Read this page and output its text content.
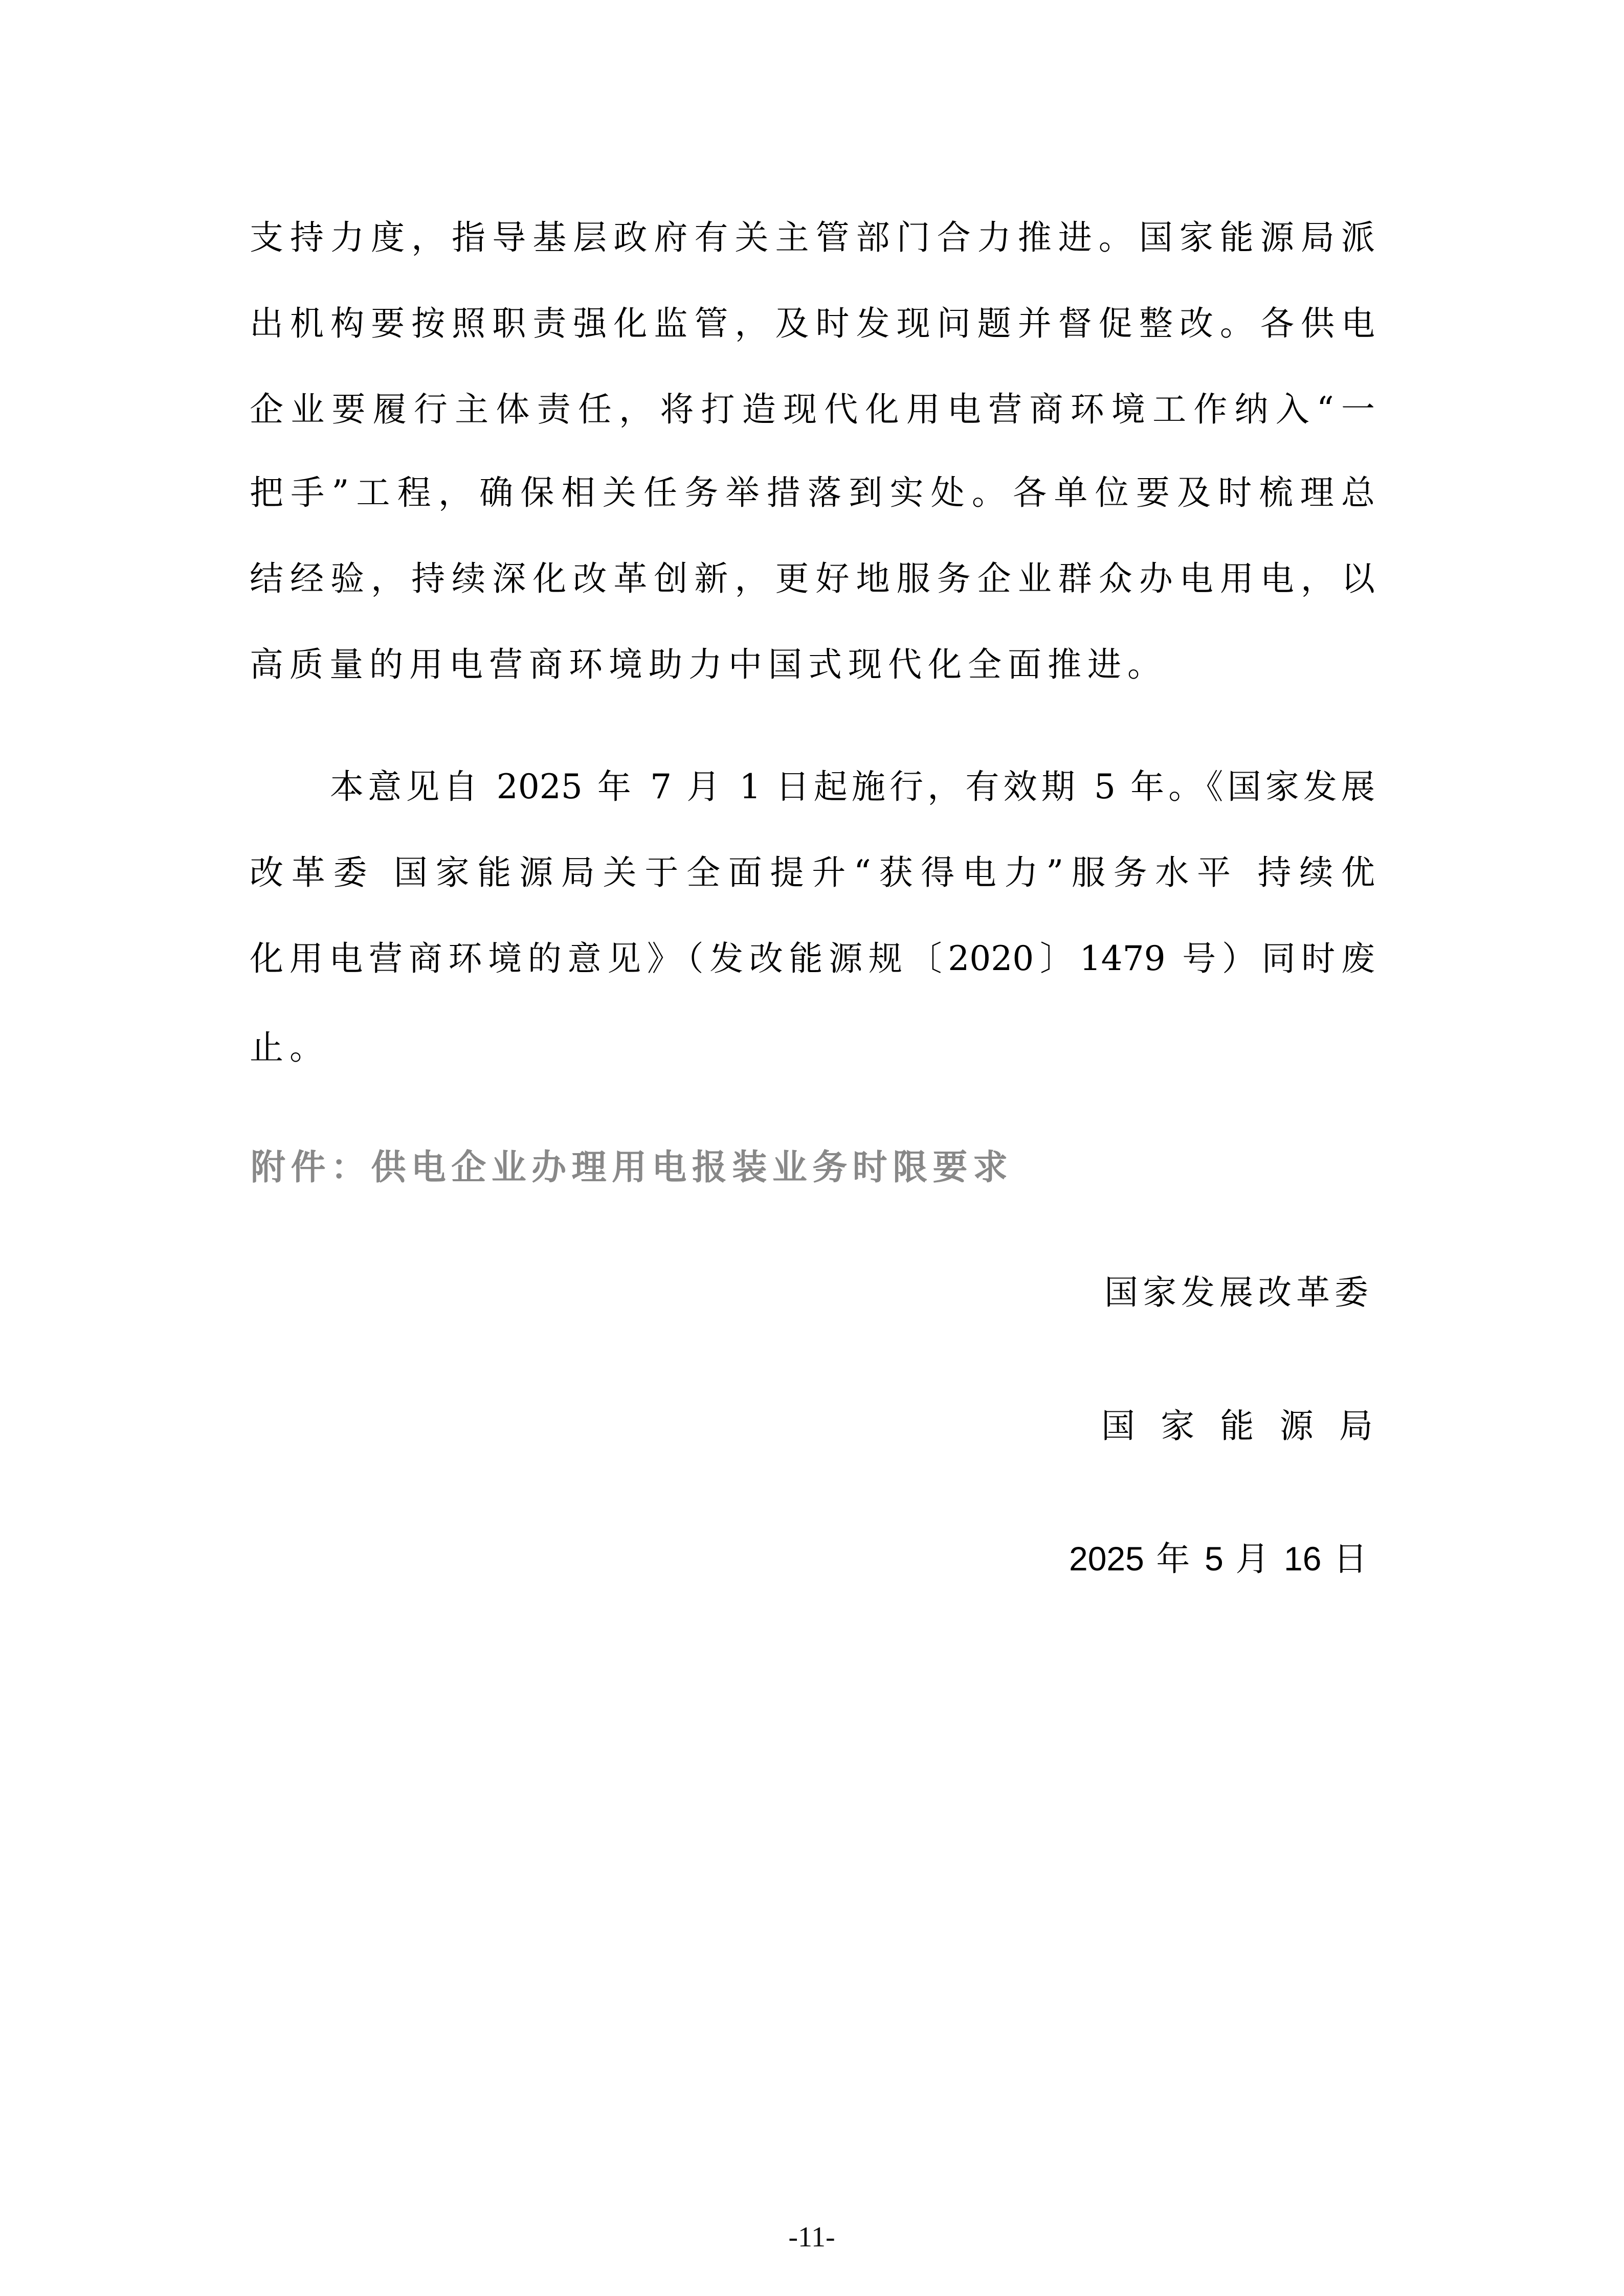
支持力度，指导基层政府有关主管部门合力推进。国家能源局派
出机构要按照职责强化监管，及时发现问题并督促整改。各供电
企业要履行主体责任，将打造现代化用电营商环境工作纳入“一
把手”工程，确保相关任务举措落到实处。各单位要及时梳理总
结经验，持续深化改革创新，更好地服务企业群众办电用电，以
高质量的用电营商环境助力中国式现代化全面推进。
本意见自 2025 年 7 月 1 日起施行，有效期 5 年。《国家发展
改革委 国家能源局关于全面提升“获得电力”服务水平 持续优
化用电营商环境的意见》（发改能源规〔2020〕1479 号）同时废
止。
附件：供电企业办理用电报装业务时限要求
国家发展改革委
国 家 能 源 局
2025 年 5 月 16 日
-11-
